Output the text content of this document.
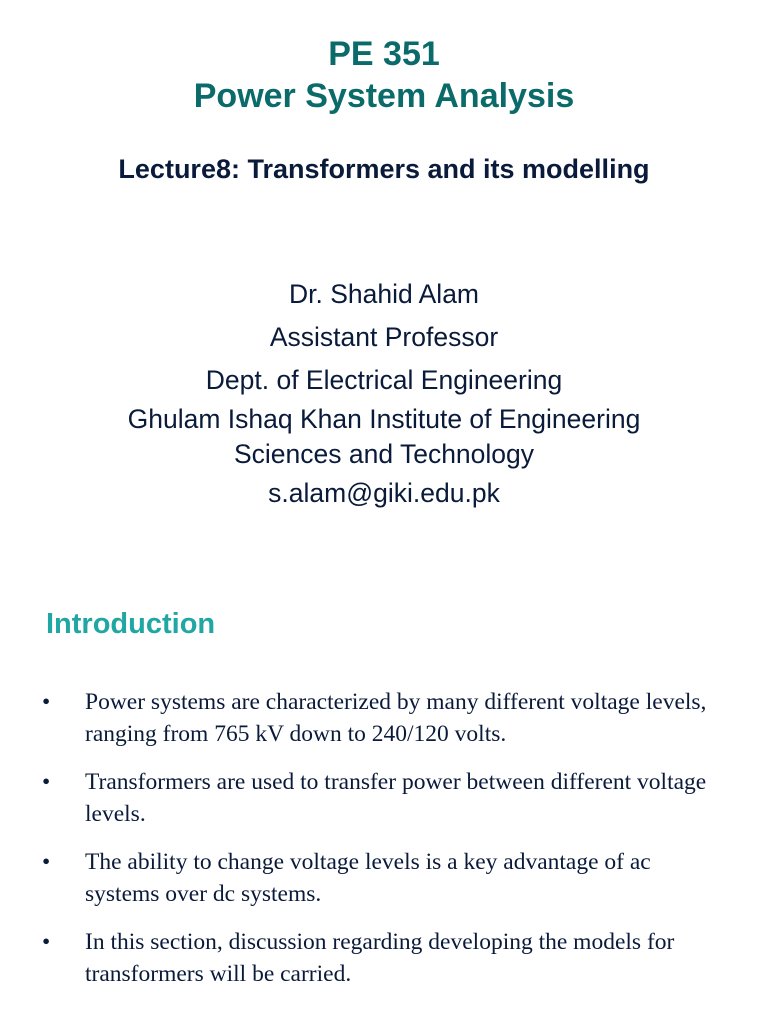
PE 351
Power System Analysis
Lecture8: Transformers and its modelling
Dr. Shahid Alam
Assistant Professor
Dept. of Electrical Engineering
Ghulam Ishaq Khan Institute of Engineering
Sciences and Technology
s.alam@giki.edu.pk
Introduction
• Power systems are characterized by many different voltage levels, ranging from 765 kV down to 240/120 volts.
• Transformers are used to transfer power between different voltage levels.
• The ability to change voltage levels is a key advantage of ac systems over dc systems.
• In this section, discussion regarding developing the models for transformers will be carried.
